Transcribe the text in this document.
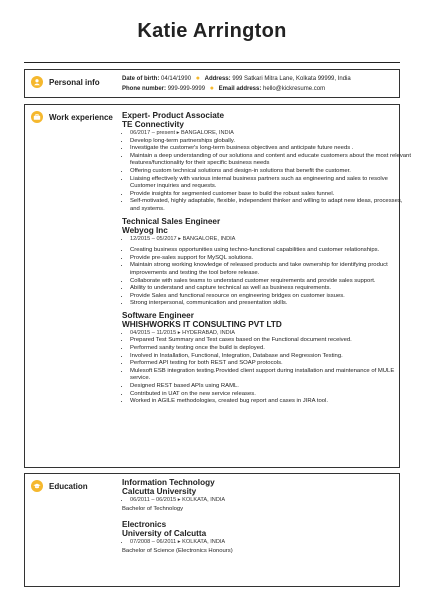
Katie Arrington
Personal info	Date of birth: 04/14/1990 ● Address: 999 Satkari Mitra Lane, Kolkata 99999, India
Phone number: 999-999-9999 ● Email address: hello@kickresume.com
Work experience Expert- Product Associate
TE Connectivity
• 06/2017 – present ▸ BANGALORE, INDIA
• Develop long-term partnerships globally.
• Investigate the customer's long-term business objectives and anticipate future needs .
• Maintain a deep understanding of our solutions and content and educate customers about the most relevant features/functionality for their specific business needs
• Offering custom technical solutions and design-in solutions that benefit the customer.
• Liaising effectively with various internal business partners such as engineering and sales to resolve Customer inquiries and requests.
• Provide insights for segmented customer base to build the robust sales funnel.
• Self-motivated, highly adaptable, flexible, independent thinker and willing to adapt new ideas, processes, and systems.
Technical Sales Engineer
Webyog Inc
• 12/2015 – 05/2017 ▸ BANGALORE, INDIA
• Creating business opportunities using techno-functional capabilities and customer relationships.
• Provide pre-sales support for MySQL solutions.
• Maintain strong working knowledge of released products and take ownership for identifying product improvements and testing the tool before release.
• Collaborate with sales teams to understand customer requirements and provide sales support.
• Ability to understand and capture technical as well as business requirements.
• Provide Sales and functional resource on engineering bridges on customer issues.
• Strong interpersonal, communication and presentation skills.
Software Engineer
WHISHWORKS IT CONSULTING PVT LTD
• 04/2015 – 11/2015 ▸ HYDERABAD, INDIA
• Prepared Test Summary and Test cases based on the Functional document received.
• Performed sanity testing once the build is deployed.
• Involved in Installation, Functional, Integration, Database and Regression Testing.
• Performed API testing for both REST and SOAP protocols.
• Mulesoft ESB integration testing.Provided client support during installation and maintenance of MULE service.
• Designed REST based APIs using RAML.
• Contributed in UAT on the new service releases.
• Worked in AGILE methodologies, created bug report and cases in JIRA tool.
Education	Information Technology
Calcutta University
• 06/2011 – 06/2015 ▸ KOLKATA, INDIA
Bachelor of Technology
Electronics
University of Calcutta
• 07/2008 – 06/2011 ▸ KOLKATA, INDIA
Bachelor of Science (Electronics Honours)
